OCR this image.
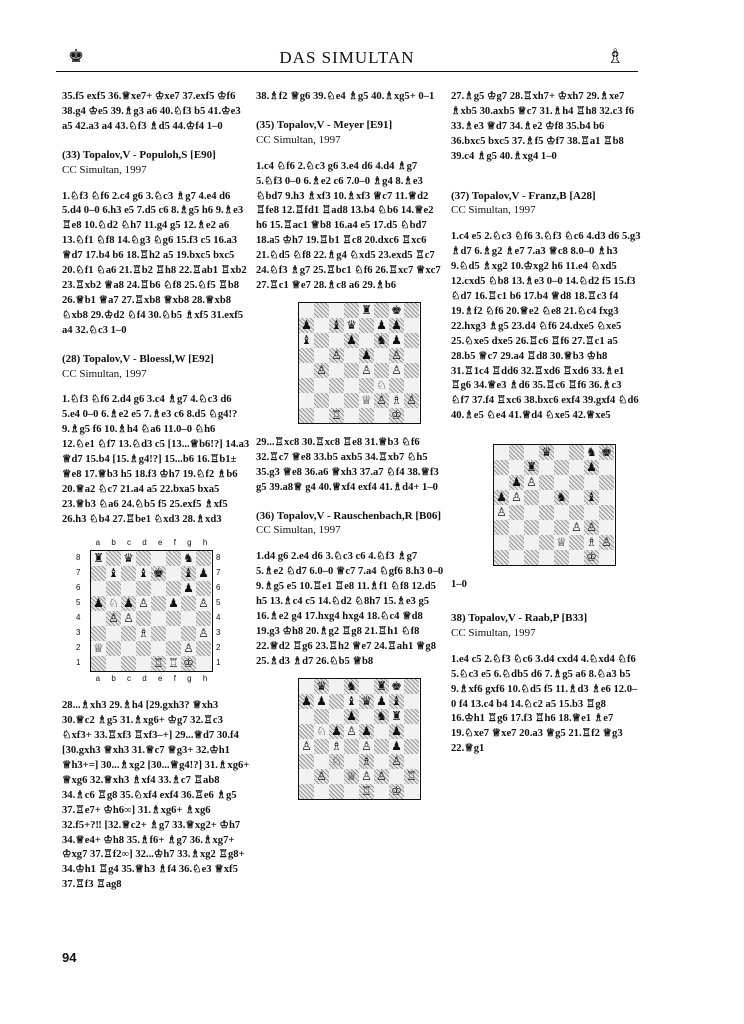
♚	DAS SIMULTAN	♗

35.f5 exf5 36.♕xe7+ ♔xe7 37.exf5 ♔f6 38.g4 ♔e5 39.♗g3 a6 40.♘f3 b5 41.♔e3 a5 42.a3 a4 43.♘f3 ♗d5 44.♔f4 1–0

(33) Topalov,V - Populoh,S [E90]
CC Simultan, 1997

1.♘f3 ♘f6 2.c4 g6 3.♘c3 ♗g7 4.e4 d6 5.d4 0–0 6.h3 e5 7.d5 c6 8.♗g5 h6 9.♗e3 ♖e8 10.♘d2 ♘h7 11.g4 g5 12.♗e2 a6 13.♘f1 ♘f8 14.♘g3 ♘g6 15.f3 c5 16.a3 ♕d7 17.b4 b6 18.♖h2 a5 19.bxc5 bxc5 20.♘f1 ♘a6 21.♖b2 ♖h8 22.♖ab1 ♖xb2 23.♖xb2 ♕a8 24.♖b6 ♘f8 25.♘f5 ♖b8 26.♕b1 ♕a7 27.♖xb8 ♕xb8 28.♕xb8 ♘xb8 29.♔d2 ♘f4 30.♘b5 ♗xf5 31.exf5 a4 32.♘c3 1–0

(28) Topalov,V - Bloessl,W [E92]
CC Simultan, 1997

1.♘f3 ♘f6 2.d4 g6 3.c4 ♗g7 4.♘c3 d6 5.e4 0–0 6.♗e2 e5 7.♗e3 c6 8.d5 ♘g4!? 9.♗g5 f6 10.♗h4 ♘a6 11.0–0 ♘h6 12.♘e1 ♘f7 13.♘d3 c5 [13...♕b6!?] 14.a3 ♕d7 15.b4 [15.♗g4!?] 15...b6 16.♖b1± ♕e8 17.♕b3 h5 18.f3 ♔h7 19.♘f2 ♗b6 20.♕a2 ♘c7 21.a4 a5 22.bxa5 bxa5 23.♕b3 ♘a6 24.♘b5 f5 25.exf5 ♗xf5 26.h3 ♘b4 27.♖be1 ♘xd3 28.♗xd3

a b c d e f g h
8
7
6
5
4
3
2
1
♜ ♛	♞
♝ ♝ ♚ ♝ ♟
♟
♟ ♘ ♟ ♙ ♟ ♙
♙ ♙
♗	♙
♕	♙
♖ ♖ ♔
8
7
6
5
4
3
2
1
a b c d e f g h

28...♗xh3 29.♗h4 [29.gxh3? ♕xh3 30.♕c2 ♗g5 31.♗xg6+ ♔g7 32.♖c3 ♘xf3+ 33.♖xf3 ♖xf3–+] 29...♕d7 30.f4 [30.gxh3 ♕xh3 31.♕c7 ♕g3+ 32.♔h1 ♕h3+=] 30...♗xg2 [30...♕g4!?] 31.♗xg6+ ♕xg6 32.♕xh3 ♗xf4 33.♗c7 ♖ab8 34.♗c6 ♖g8 35.♘xf4 exf4 36.♖e6 ♗g5 37.♖e7+ ♔h6∞] 31.♗xg6+ ♗xg6 32.f5+?‼ [32.♕c2+ ♗g7 33.♕xg2+ ♔h7 34.♕e4+ ♔h8 35.♗f6+ ♗g7 36.♗xg7+ ♔xg7 37.♖f2∞] 32...♔h7 33.♗xg2 ♖g8+ 34.♔h1 ♖g4 35.♕h3 ♗f4 36.♘e3 ♕xf5 37.♖f3 ♖ag8

38.♗f2 ♕g6 39.♘e4 ♗g5 40.♗xg5+ 0–1

(35) Topalov,V - Meyer [E91]
CC Simultan, 1997

1.c4 ♘f6 2.♘c3 g6 3.e4 d6 4.d4 ♗g7 5.♘f3 0–0 6.♗e2 c6 7.0–0 ♗g4 8.♗e3 ♘bd7 9.h3 ♗xf3 10.♗xf3 ♕c7 11.♕d2 ♖fe8 12.♖fd1 ♖ad8 13.b4 ♘b6 14.♕e2 h6 15.♖ac1 ♕b8 16.a4 e5 17.d5 ♘bd7 18.a5 ♔h7 19.♖b1 ♖c8 20.dxc6 ♖xc6 21.♘d5 ♘f8 22.♗g4 ♘xd5 23.exd5 ♖c7 24.♘f3 ♗g7 25.♖bc1 ♘f6 26.♖xc7 ♕xc7 27.♖c1 ♕e7 28.♗c8 a6 29.♗b6

♜ ♚
♟ ♝ ♛ ♟ ♟
♝	♟ ♞ ♟
♙ ♟ ♙
♙	♙ ♙
♘
♕ ♙ ♗ ♙
♖	♔

29...♖xc8 30.♖xc8 ♖e8 31.♕b3 ♘f6 32.♖c7 ♕e8 33.b5 axb5 34.♖xb7 ♘h5 35.g3 ♕e8 36.a6 ♕xh3 37.a7 ♘f4 38.♕f3 g5 39.a8♕ g4 40.♕xf4 exf4 41.♗d4+ 1–0

(36) Topalov,V - Rauschenbach,R [B06]
CC Simultan, 1997

1.d4 g6 2.e4 d6 3.♘c3 c6 4.♘f3 ♗g7 5.♗e2 ♘d7 6.0–0 ♕c7 7.a4 ♘gf6 8.h3 0–0 9.♗g5 e5 10.♖e1 ♖e8 11.♗f1 ♘f8 12.d5 h5 13.♗c4 c5 14.♘d2 ♘8h7 15.♗e3 g5 16.♗e2 g4 17.hxg4 hxg4 18.♘c4 ♕d8 19.g3 ♔h8 20.♗g2 ♖g8 21.♖h1 ♘f8 22.♕d2 ♖g6 23.♖h2 ♕e7 24.♖ah1 ♕g8 25.♗d3 ♗d7 26.♘b5 ♕b8

♛ ♞ ♜ ♚
♟ ♟ ♝ ♛ ♟ ♝
♟ ♞ ♜
♘ ♟ ♙ ♟ ♟
♙ ♗ ♙ ♟
♘ ♗ ♙
♙ ♕ ♙ ♙ ♖
♖ ♔

27.♗g5 ♔g7 28.♖xh7+ ♔xh7 29.♗xe7 ♗xb5 30.axb5 ♕c7 31.♗h4 ♖h8 32.c3 f6 33.♗e3 ♕d7 34.♗e2 ♔f8 35.b4 b6 36.bxc5 bxc5 37.♗f5 ♔f7 38.♖a1 ♖b8 39.c4 ♗g5 40.♗xg4 1–0

(37) Topalov,V - Franz,B [A28]
CC Simultan, 1997

1.c4 e5 2.♘c3 ♘f6 3.♘f3 ♘c6 4.d3 d6 5.g3 ♗d7 6.♗g2 ♗e7 7.a3 ♕c8 8.0–0 ♗h3 9.♘d5 ♗xg2 10.♔xg2 h6 11.e4 ♘xd5 12.cxd5 ♘b8 13.♗e3 0–0 14.♘d2 f5 15.f3 ♘d7 16.♖c1 b6 17.b4 ♕d8 18.♖c3 f4 19.♗f2 ♘f6 20.♕e2 ♘e8 21.♘c4 fxg3 22.hxg3 ♗g5 23.d4 ♘f6 24.dxe5 ♘xe5 25.♘xe5 dxe5 26.♖c6 ♖f6 27.♖c1 a5 28.b5 ♕c7 29.a4 ♖d8 30.♕b3 ♔h8 31.♖1c4 ♖dd6 32.♖xd6 ♖xd6 33.♗e1 ♖g6 34.♕e3 ♗d6 35.♖c6 ♖f6 36.♗c3 ♘f7 37.f4 ♖xc6 38.bxc6 exf4 39.gxf4 ♘d6 40.♗e5 ♘e4 41.♕d4 ♘xe5 42.♕xe5

♛	♞ ♚
♜	♟
♟ ♙
♟ ♙	♞ ♝
♙
♙ ♙
♕ ♗ ♙
♔

1–0

38) Topalov,V - Raab,P [B33]
CC Simultan, 1997

1.e4 c5 2.♘f3 ♘c6 3.d4 cxd4 4.♘xd4 ♘f6 5.♘c3 e5 6.♘db5 d6 7.♗g5 a6 8.♘a3 b5 9.♗xf6 gxf6 10.♘d5 f5 11.♗d3 ♗e6 12.0–0 f4 13.c4 b4 14.♘c2 a5 15.b3 ♖g8 16.♔h1 ♖g6 17.f3 ♖h6 18.♕e1 ♗e7 19.♘xe7 ♕xe7 20.a3 ♕g5 21.♖f2 ♕g3 22.♕g1

94
